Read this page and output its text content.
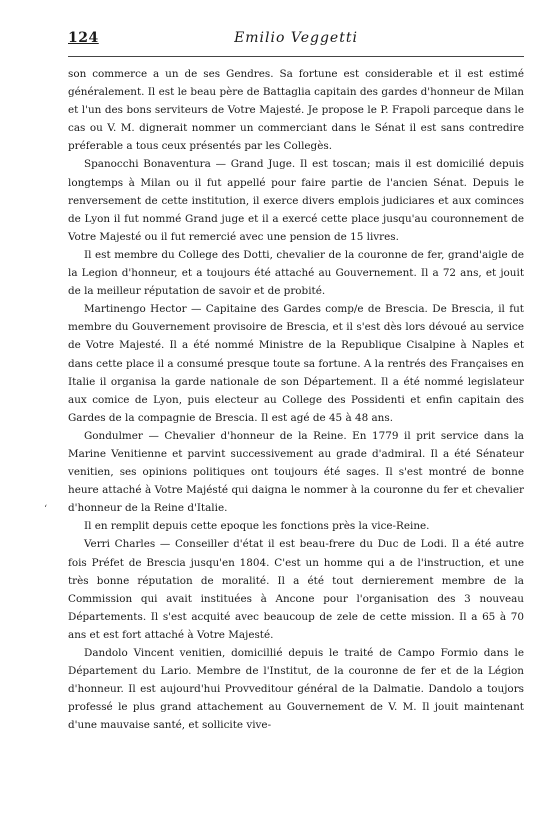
124	Emilio Veggetti

son commerce a un de ses Gendres. Sa fortune est considerable et il est estimé généralement. Il est le beau père de Battaglia capitain des gardes d'honneur de Milan et l'un des bons serviteurs de Votre Majesté. Je propose le P. Frapoli parceque dans le cas ou V. M. dignerait nommer un commerciant dans le Sénat il est sans contredire préferable a tous ceux présentés par les Collegès.

Spanocchi Bonaventura — Grand Juge. Il est toscan; mais il est domicilié depuis longtemps à Milan ou il fut appellé pour faire partie de l'ancien Sénat. Depuis le renversement de cette institution, il exerce divers emplois judiciares et aux cominces de Lyon il fut nommé Grand juge et il a exercé cette place jusqu'au couronnement de Votre Majesté ou il fut remercié avec une pension de 15 livres.

Il est membre du College des Dotti, chevalier de la couronne de fer, grand'aigle de la Legion d'honneur, et a toujours été attaché au Gouvernement. Il a 72 ans, et jouit de la meilleur réputation de savoir et de probité.

Martinengo Hector — Capitaine des Gardes comp/e de Brescia. De Brescia, il fut membre du Gouvernement provisoire de Brescia, et il s'est dès lors dévoué au service de Votre Majesté. Il a été nommé Ministre de la Republique Cisalpine à Naples et dans cette place il a consumé presque toute sa fortune. A la rentrés des Françaises en Italie il organisa la garde nationale de son Département. Il a été nommé legislateur aux comice de Lyon, puis electeur au College des Possidenti et enfin capitain des Gardes de la compagnie de Brescia. Il est agé de 45 à 48 ans.

Gondulmer — Chevalier d'honneur de la Reine. En 1779 il prit service dans la Marine Venitienne et parvint successivement au grade d'admiral. Il a été Sénateur venitien, ses opinions politiques ont toujours été sages. Il s'est montré de bonne heure attaché à Votre Majésté qui daigna le nommer à la couronne du fer et chevalier d'honneur de la Reine d'Italie.

Il en remplit depuis cette epoque les fonctions près la vice-Reine.

Verri Charles — Conseiller d'état il est beau-frere du Duc de Lodi. Il a été autre fois Préfet de Brescia jusqu'en 1804. C'est un homme qui a de l'instruction, et une très bonne réputation de moralité. Il a été tout dernierement membre de la Commission qui avait instituées à Ancone pour l'organisation des 3 nouveau Départements. Il s'est acquité avec beaucoup de zele de cette mission. Il a 65 à 70 ans et est fort attaché à Votre Majesté.

Dandolo Vincent venitien, domicillié depuis le traité de Campo Formio dans le Département du Lario. Membre de l'Institut, de la couronne de fer et de la Légion d'honneur. Il est aujourd'hui Provveditour général de la Dalmatie. Dandolo a toujors professé le plus grand attachement au Gouvernement de V. M. Il jouit maintenant d'une mauvaise santé, et sollicite vive-

‘
